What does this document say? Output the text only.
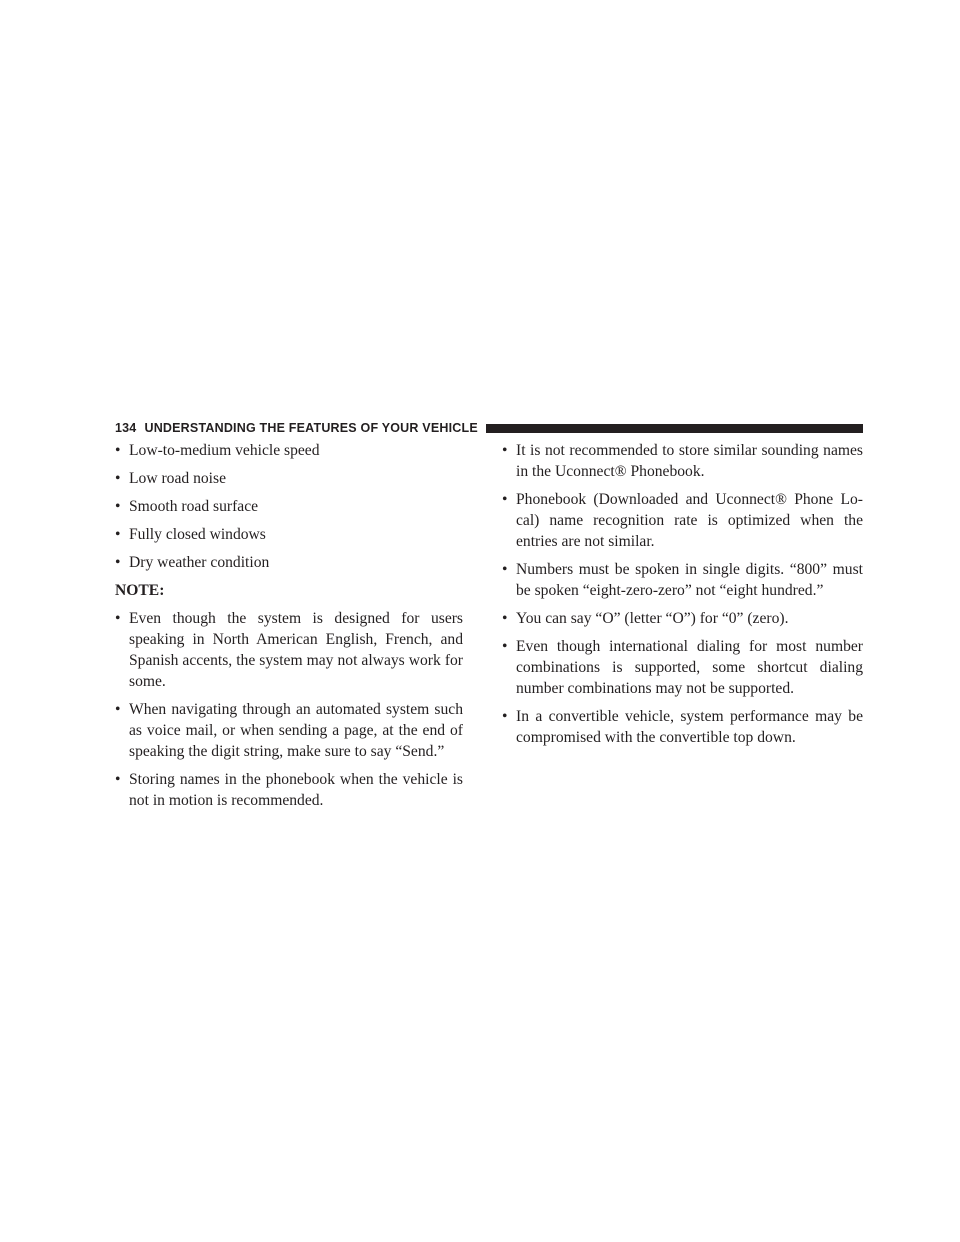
134 UNDERSTANDING THE FEATURES OF YOUR VEHICLE
• Low-to-medium vehicle speed
• Low road noise
• Smooth road surface
• Fully closed windows
• Dry weather condition
NOTE:
• Even though the system is designed for users speaking in North American English, French, and Spanish accents, the system may not always work for some.
• When navigating through an automated system such as voice mail, or when sending a page, at the end of speaking the digit string, make sure to say “Send.”
• Storing names in the phonebook when the vehicle is not in motion is recommended.
• It is not recommended to store similar sounding names in the Uconnect® Phonebook.
• Phonebook (Downloaded and Uconnect® Phone Local) name recognition rate is optimized when the entries are not similar.
• Numbers must be spoken in single digits. “800” must be spoken “eight-zero-zero” not “eight hundred.”
• You can say “O” (letter “O”) for “0” (zero).
• Even though international dialing for most number combinations is supported, some shortcut dialing number combinations may not be supported.
• In a convertible vehicle, system performance may be compromised with the convertible top down.
